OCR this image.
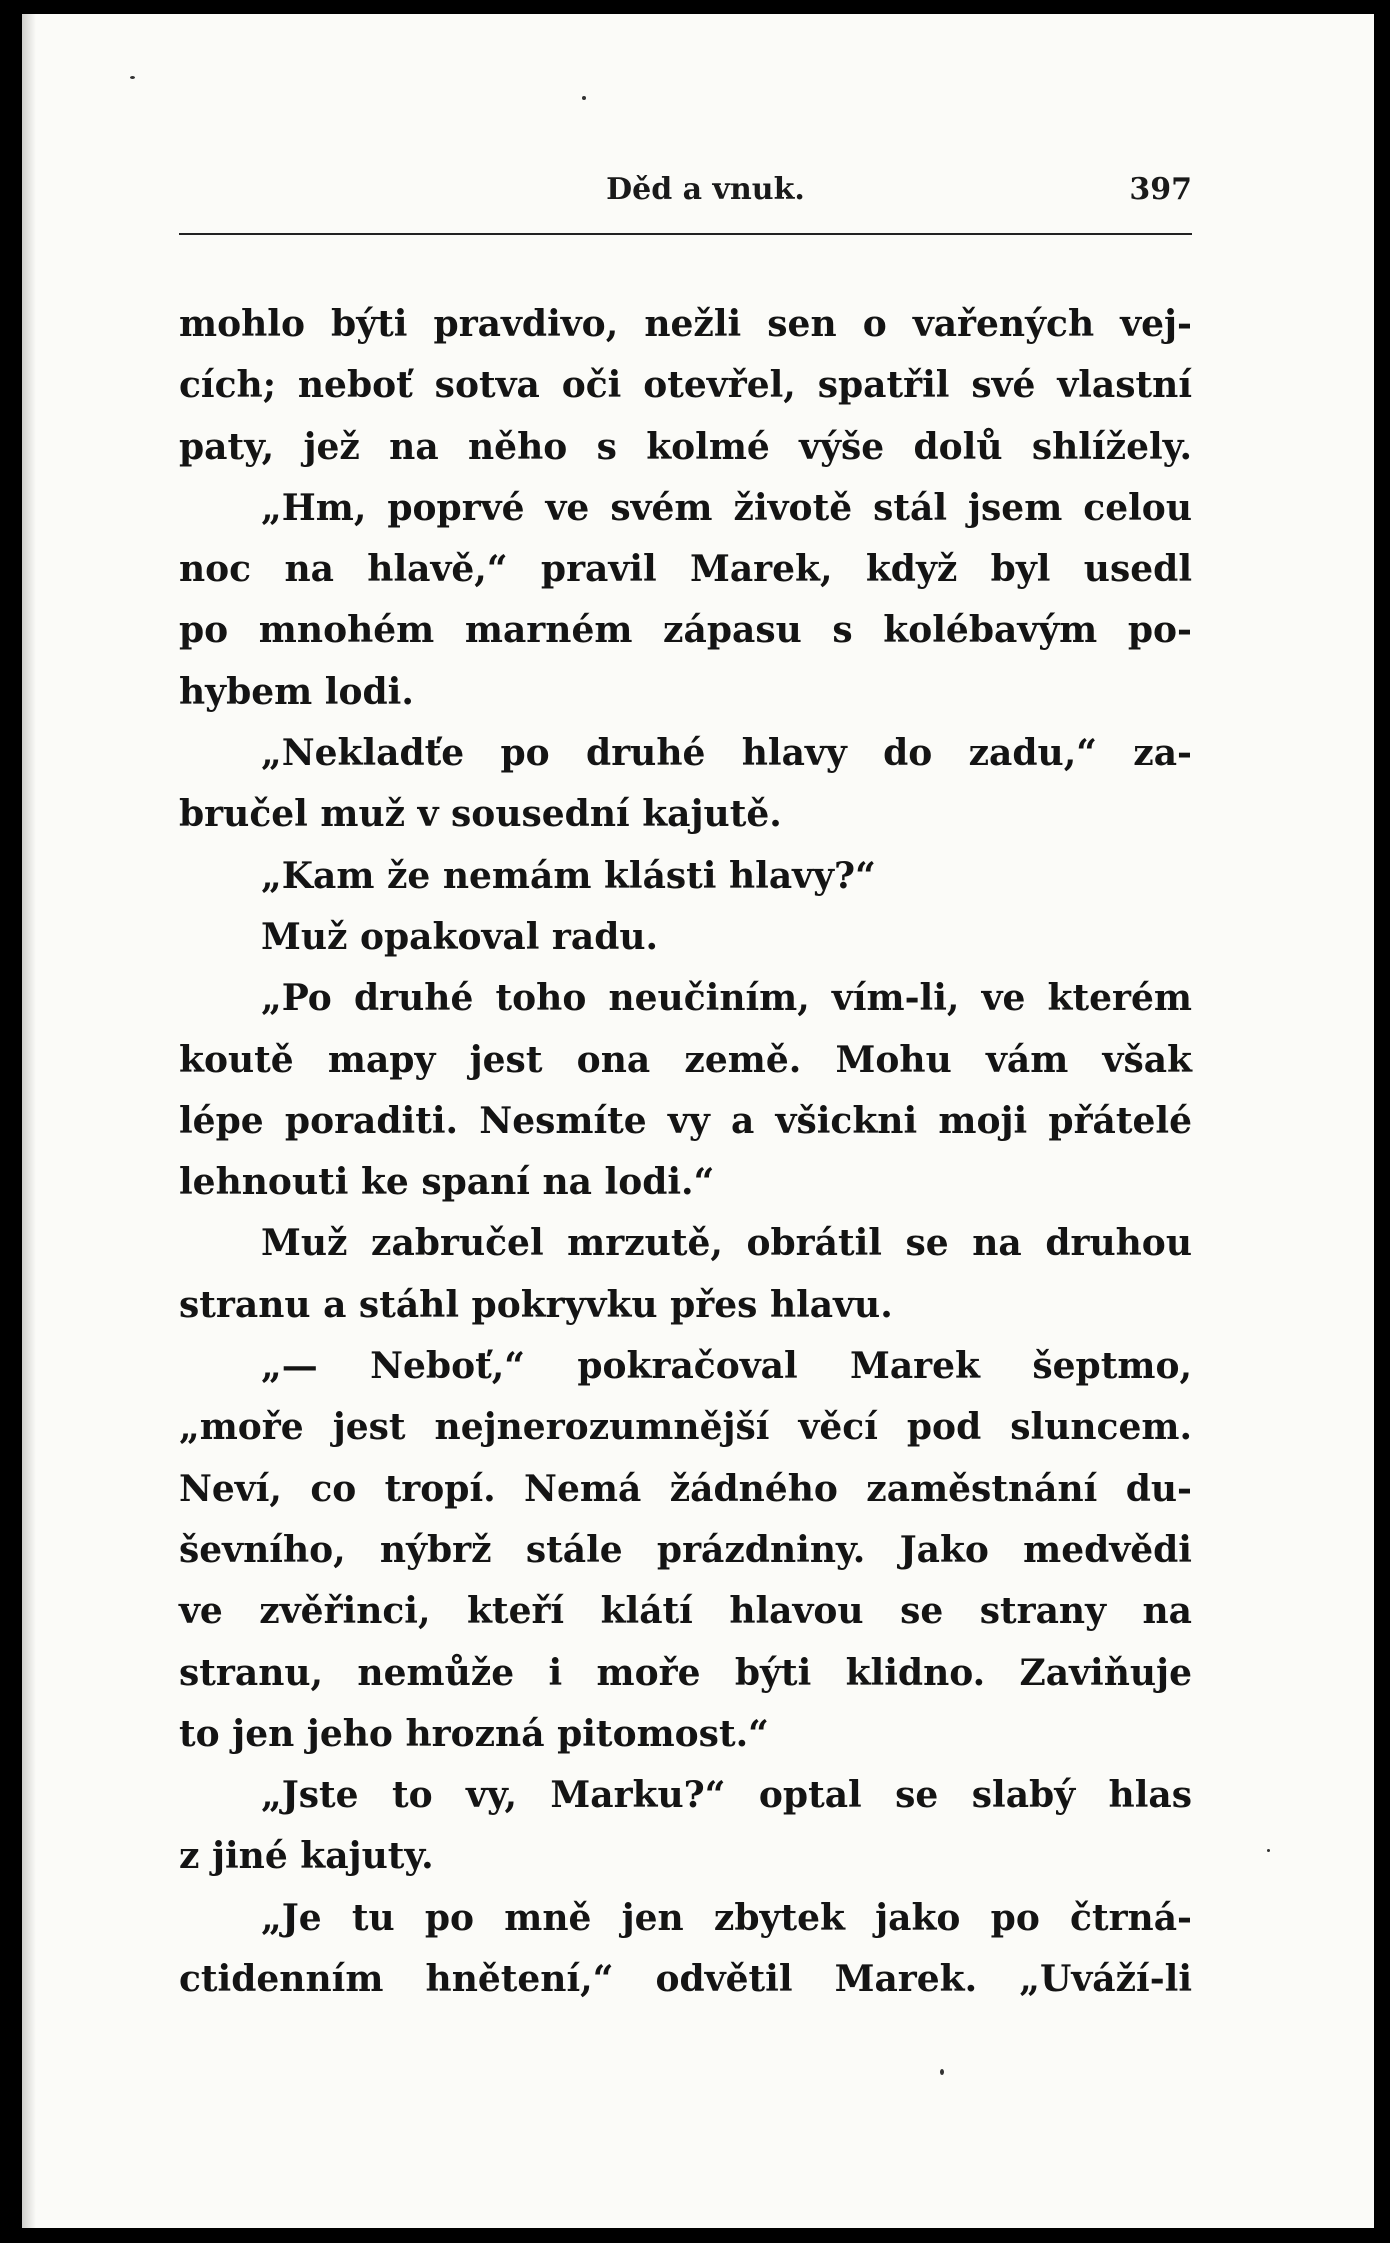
Děd a vnuk.	397
mohlo býti pravdivo, nežli sen o vařených vej-
cích; neboť sotva oči otevřel, spatřil své vlastní
paty, jež na něho s kolmé výše dolů shlížely.
„Hm, poprvé ve svém životě stál jsem celou
noc na hlavě,“ pravil Marek, když byl usedl
po mnohém marném zápasu s kolébavým po-
hybem lodi.
„Nekladťe po druhé hlavy do zadu,“ za-
bručel muž v sousední kajutě.
„Kam že nemám klásti hlavy?“
Muž opakoval radu.
„Po druhé toho neučiním, vím-li, ve kterém
koutě mapy jest ona země. Mohu vám však
lépe poraditi. Nesmíte vy a všickni moji přátelé
lehnouti ke spaní na lodi.“
Muž zabručel mrzutě, obrátil se na druhou
stranu a stáhl pokryvku přes hlavu.
„— Neboť,“ pokračoval Marek šeptmo,
„moře jest nejnerozumnější věcí pod sluncem.
Neví, co tropí. Nemá žádného zaměstnání du-
ševního, nýbrž stále prázdniny. Jako medvědi
ve zvěřinci, kteří klátí hlavou se strany na
stranu, nemůže i moře býti klidno. Zaviňuje
to jen jeho hrozná pitomost.“
„Jste to vy, Marku?“ optal se slabý hlas
z jiné kajuty.
„Je tu po mně jen zbytek jako po čtrná-
ctidenním hnětení,“ odvětil Marek. „Uváží-li
